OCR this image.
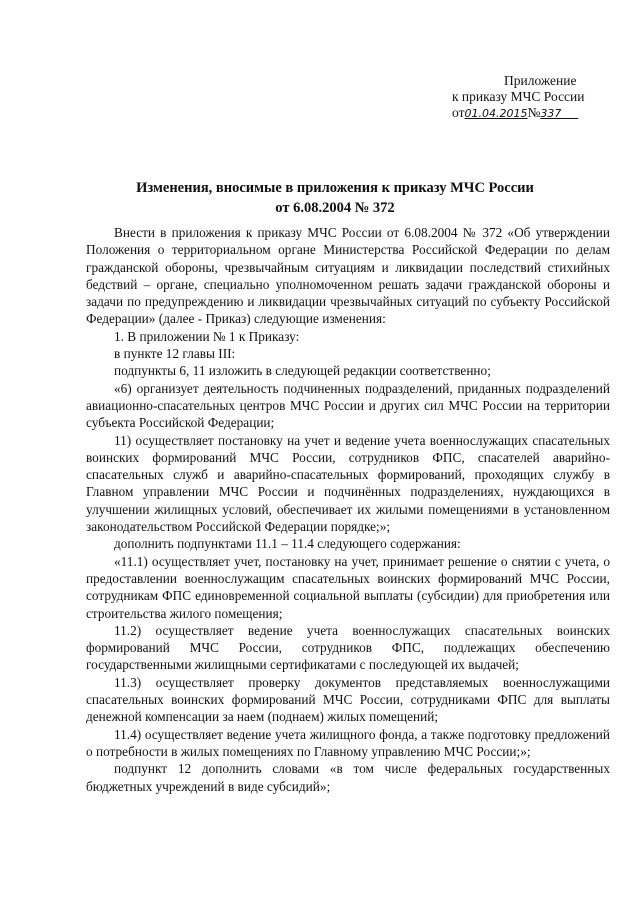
Приложение
к приказу МЧС России
от01.04.2015№337
Изменения, вносимые в приложения к приказу МЧС России
от 6.08.2004 № 372

Внести в приложения к приказу МЧС России от 6.08.2004 № 372 «Об утверждении Положения о территориальном органе Министерства Российской Федерации по делам гражданской обороны, чрезвычайным ситуациям и ликвидации последствий стихийных бедствий – органе, специально уполномоченном решать задачи гражданской обороны и задачи по предупреждению и ликвидации чрезвычайных ситуаций по субъекту Российской Федерации» (далее - Приказ) следующие изменения:

1. В приложении № 1 к Приказу:

в пункте 12 главы III:

подпункты 6, 11 изложить в следующей редакции соответственно;

«6) организует деятельность подчиненных подразделений, приданных подразделений авиационно-спасательных центров МЧС России и других сил МЧС России на территории субъекта Российской Федерации;

11) осуществляет постановку на учет и ведение учета военнослужащих спасательных воинских формирований МЧС России, сотрудников ФПС, спасателей аварийно-спасательных служб и аварийно-спасательных формирований, проходящих службу в Главном управлении МЧС России и подчинённых подразделениях, нуждающихся в улучшении жилищных условий, обеспечивает их жилыми помещениями в установленном законодательством Российской Федерации порядке;»;

дополнить подпунктами 11.1 – 11.4 следующего содержания:

«11.1) осуществляет учет, постановку на учет, принимает решение о снятии с учета, о предоставлении военнослужащим спасательных воинских формирований МЧС России, сотрудникам ФПС единовременной социальной выплаты (субсидии) для приобретения или строительства жилого помещения;

11.2) осуществляет ведение учета военнослужащих спасательных воинских формирований МЧС России, сотрудников ФПС, подлежащих обеспечению государственными жилищными сертификатами с последующей их выдачей;

11.3) осуществляет проверку документов представляемых военнослужащими спасательных воинских формирований МЧС России, сотрудниками ФПС для выплаты денежной компенсации за наем (поднаем) жилых помещений;

11.4) осуществляет ведение учета жилищного фонда, а также подготовку предложений о потребности в жилых помещениях по Главному управлению МЧС России;»;

подпункт 12 дополнить словами «в том числе федеральных государственных бюджетных учреждений в виде субсидий»;
